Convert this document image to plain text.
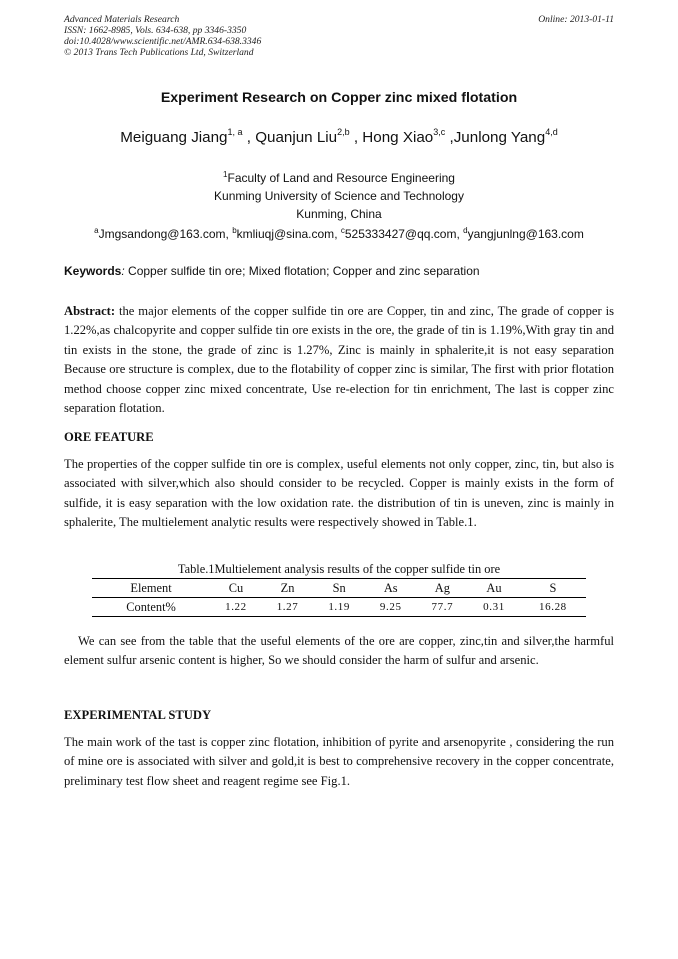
Advanced Materials Research
ISSN: 1662-8985, Vols. 634-638, pp 3346-3350
doi:10.4028/www.scientific.net/AMR.634-638.3346
© 2013 Trans Tech Publications Ltd, Switzerland
Online: 2013-01-11
Experiment Research on Copper zinc mixed flotation
Meiguang Jiang$^{1, a}$ , Quanjun Liu$^{2,b}$ , Hong Xiao$^{3,c}$ ,Junlong Yang$^{4,d}$
$^1$Faculty of Land and Resource Engineering
Kunming University of Science and Technology
Kunming, China
$^a$Jmgsandong@163.com, $^b$kmliuqj@sina.com, $^c$525333427@qq.com, $^d$yangjunlng@163.com
Keywords: Copper sulfide tin ore; Mixed flotation; Copper and zinc separation
Abstract: the major elements of the copper sulfide tin ore are Copper, tin and zinc, The grade of copper is 1.22%,as chalcopyrite and copper sulfide tin ore exists in the ore, the grade of tin is 1.19%,With gray tin and tin exists in the stone, the grade of zinc is 1.27%, Zinc is mainly in sphalerite,it is not easy separation Because ore structure is complex, due to the flotability of copper zinc is similar, The first with prior flotation method choose copper zinc mixed concentrate, Use re-election for tin enrichment, The last is copper zinc separation flotation.
ORE FEATURE
The properties of the copper sulfide tin ore is complex, useful elements not only copper, zinc, tin, but also is associated with silver,which also should consider to be recycled. Copper is mainly exists in the form of sulfide, it is easy separation with the low oxidation rate. the distribution of tin is uneven, zinc is mainly in sphalerite, The multielement analytic results were respectively showed in Table.1.
Table.1Multielement analysis results of the copper sulfide tin ore
Element	Cu	Zn	Sn	As	Ag	Au	S
Content%	1.22	1.27	1.19	9.25	77.7	0.31	16.28
We can see from the table that the useful elements of the ore are copper, zinc,tin and silver,the harmful element sulfur arsenic content is higher, So we should consider the harm of sulfur and arsenic.
EXPERIMENTAL STUDY
The main work of the tast is copper zinc flotation, inhibition of pyrite and arsenopyrite , considering the run of mine ore is associated with silver and gold,it is best to comprehensive recovery in the copper concentrate, preliminary test flow sheet and reagent regime see Fig.1.
